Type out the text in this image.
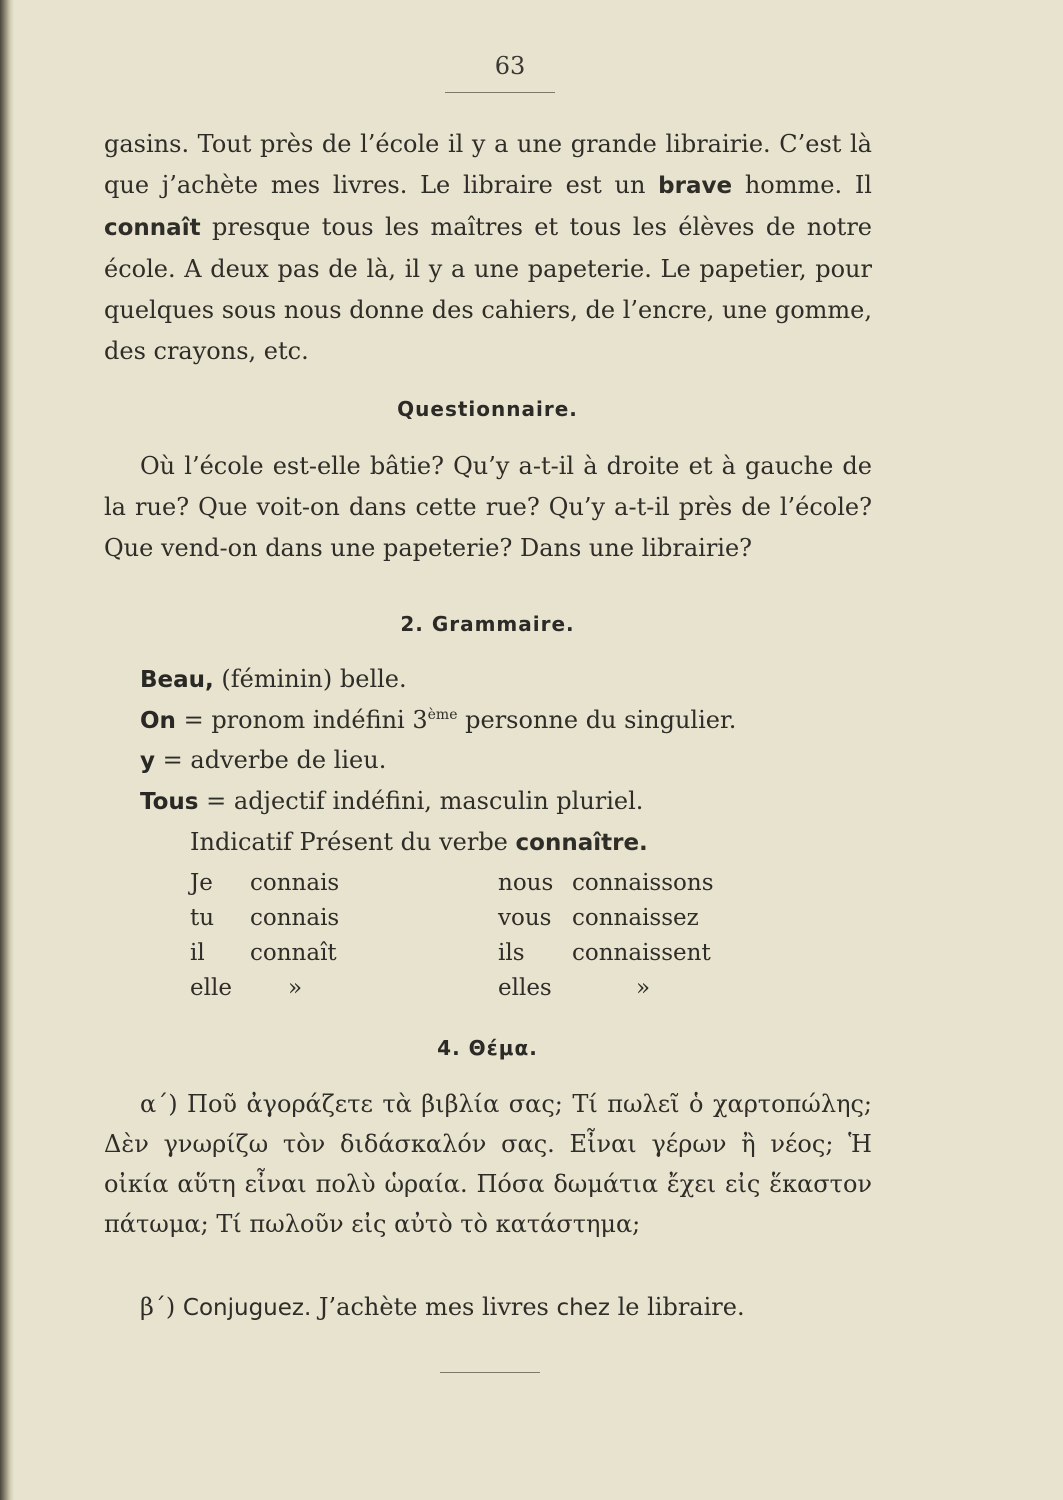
63
gasins. Tout près de l’école il y a une grande librairie. C’est là que j’achète mes livres. Le libraire est un brave homme. Il connaît presque tous les maîtres et tous les élèves de notre école. A deux pas de là, il y a une papeterie. Le papetier, pour quelques sous nous donne des cahiers, de l’encre, une gomme, des crayons, etc.
Questionnaire.
Où l’école est-elle bâtie? Qu’y a-t-il à droite et à gauche de la rue? Que voit-on dans cette rue? Qu’y a-t-il près de l’école? Que vend-on dans une papeterie? Dans une librairie?
2. Grammaire.
Beau, (féminin) belle.
On = pronom indéfini 3ème personne du singulier.
y = adverbe de lieu.
Tous = adjectif indéfini, masculin pluriel.
Indicatif Présent du verbe connaître.
Je connais	nous connaissons
tu connais	vous connaissez
il connaît	ils connaissent
elle »	elles	»
4. Θέμα.
α΄) Ποῦ ἀγοράζετε τὰ βιβλία σας; Τί πωλεῖ ὁ χαρτοπώλης; Δὲν γνωρίζω τὸν διδάσκαλόν σας. Εἶναι γέρων ἢ νέος; Ἡ οἰκία αὕτη εἶναι πολὺ ὡραία. Πόσα δωμάτια ἔχει εἰς ἕκαστον πάτωμα; Τί πωλοῦν εἰς αὐτὸ τὸ κατάστημα;
β΄) Conjuguez. J’achète mes livres chez le libraire.
